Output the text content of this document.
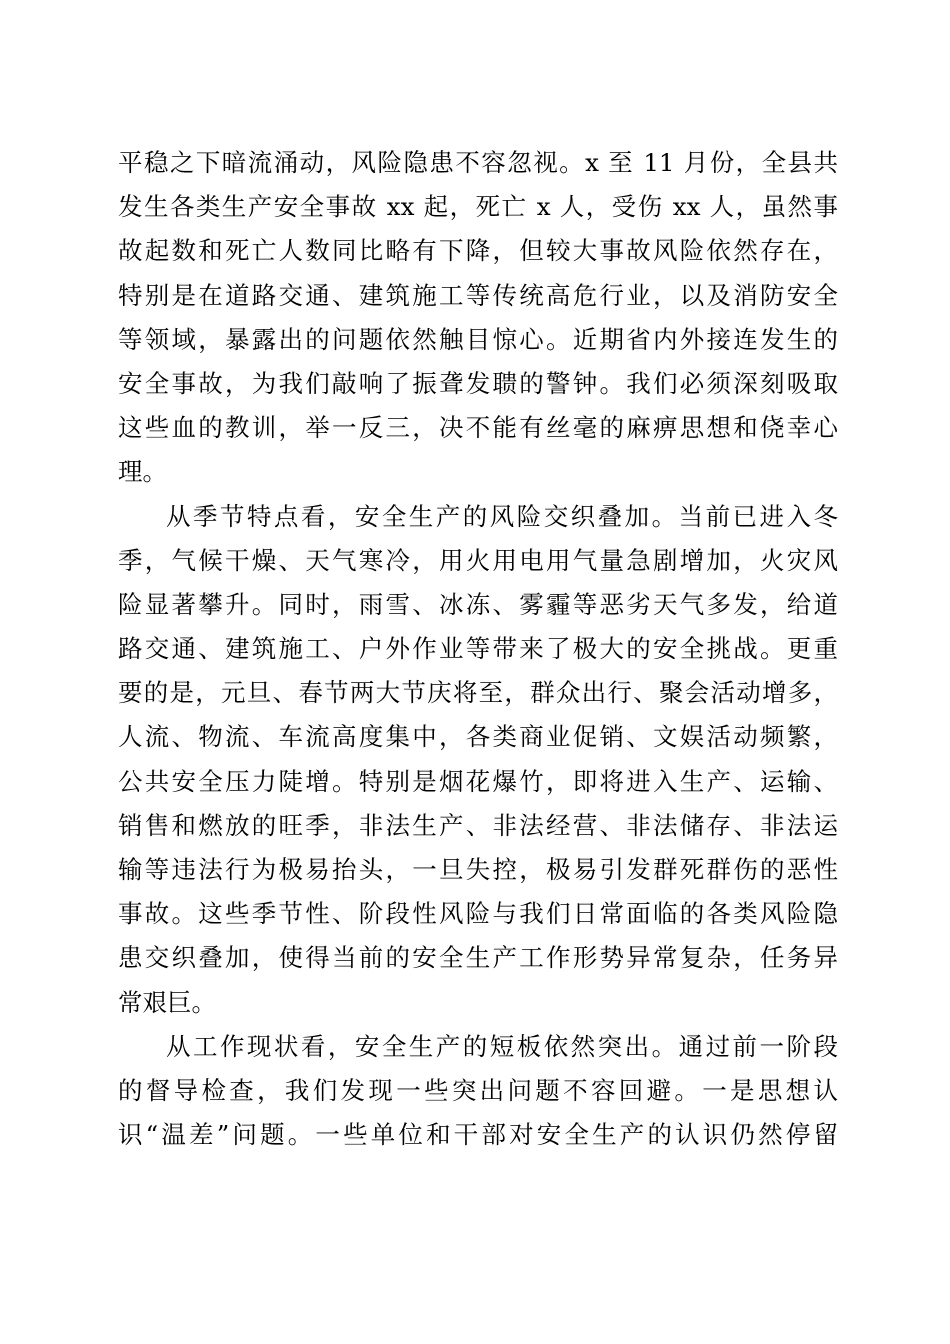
平稳之下暗流涌动，风险隐患不容忽视。x 至 11 月份，全县共
发生各类生产安全事故 xx 起，死亡 x 人，受伤 xx 人，虽然事
故起数和死亡人数同比略有下降，但较大事故风险依然存在，
特别是在道路交通、建筑施工等传统高危行业，以及消防安全
等领域，暴露出的问题依然触目惊心。近期省内外接连发生的
安全事故，为我们敲响了振聋发聩的警钟。我们必须深刻吸取
这些血的教训，举一反三，决不能有丝毫的麻痹思想和侥幸心
理。
从季节特点看，安全生产的风险交织叠加。当前已进入冬
季，气候干燥、天气寒冷，用火用电用气量急剧增加，火灾风
险显著攀升。同时，雨雪、冰冻、雾霾等恶劣天气多发，给道
路交通、建筑施工、户外作业等带来了极大的安全挑战。更重
要的是，元旦、春节两大节庆将至，群众出行、聚会活动增多，
人流、物流、车流高度集中，各类商业促销、文娱活动频繁，
公共安全压力陡增。特别是烟花爆竹，即将进入生产、运输、
销售和燃放的旺季，非法生产、非法经营、非法储存、非法运
输等违法行为极易抬头，一旦失控，极易引发群死群伤的恶性
事故。这些季节性、阶段性风险与我们日常面临的各类风险隐
患交织叠加，使得当前的安全生产工作形势异常复杂，任务异
常艰巨。
从工作现状看，安全生产的短板依然突出。通过前一阶段
的督导检查，我们发现一些突出问题不容回避。一是思想认
识“温差”问题。一些单位和干部对安全生产的认识仍然停留
